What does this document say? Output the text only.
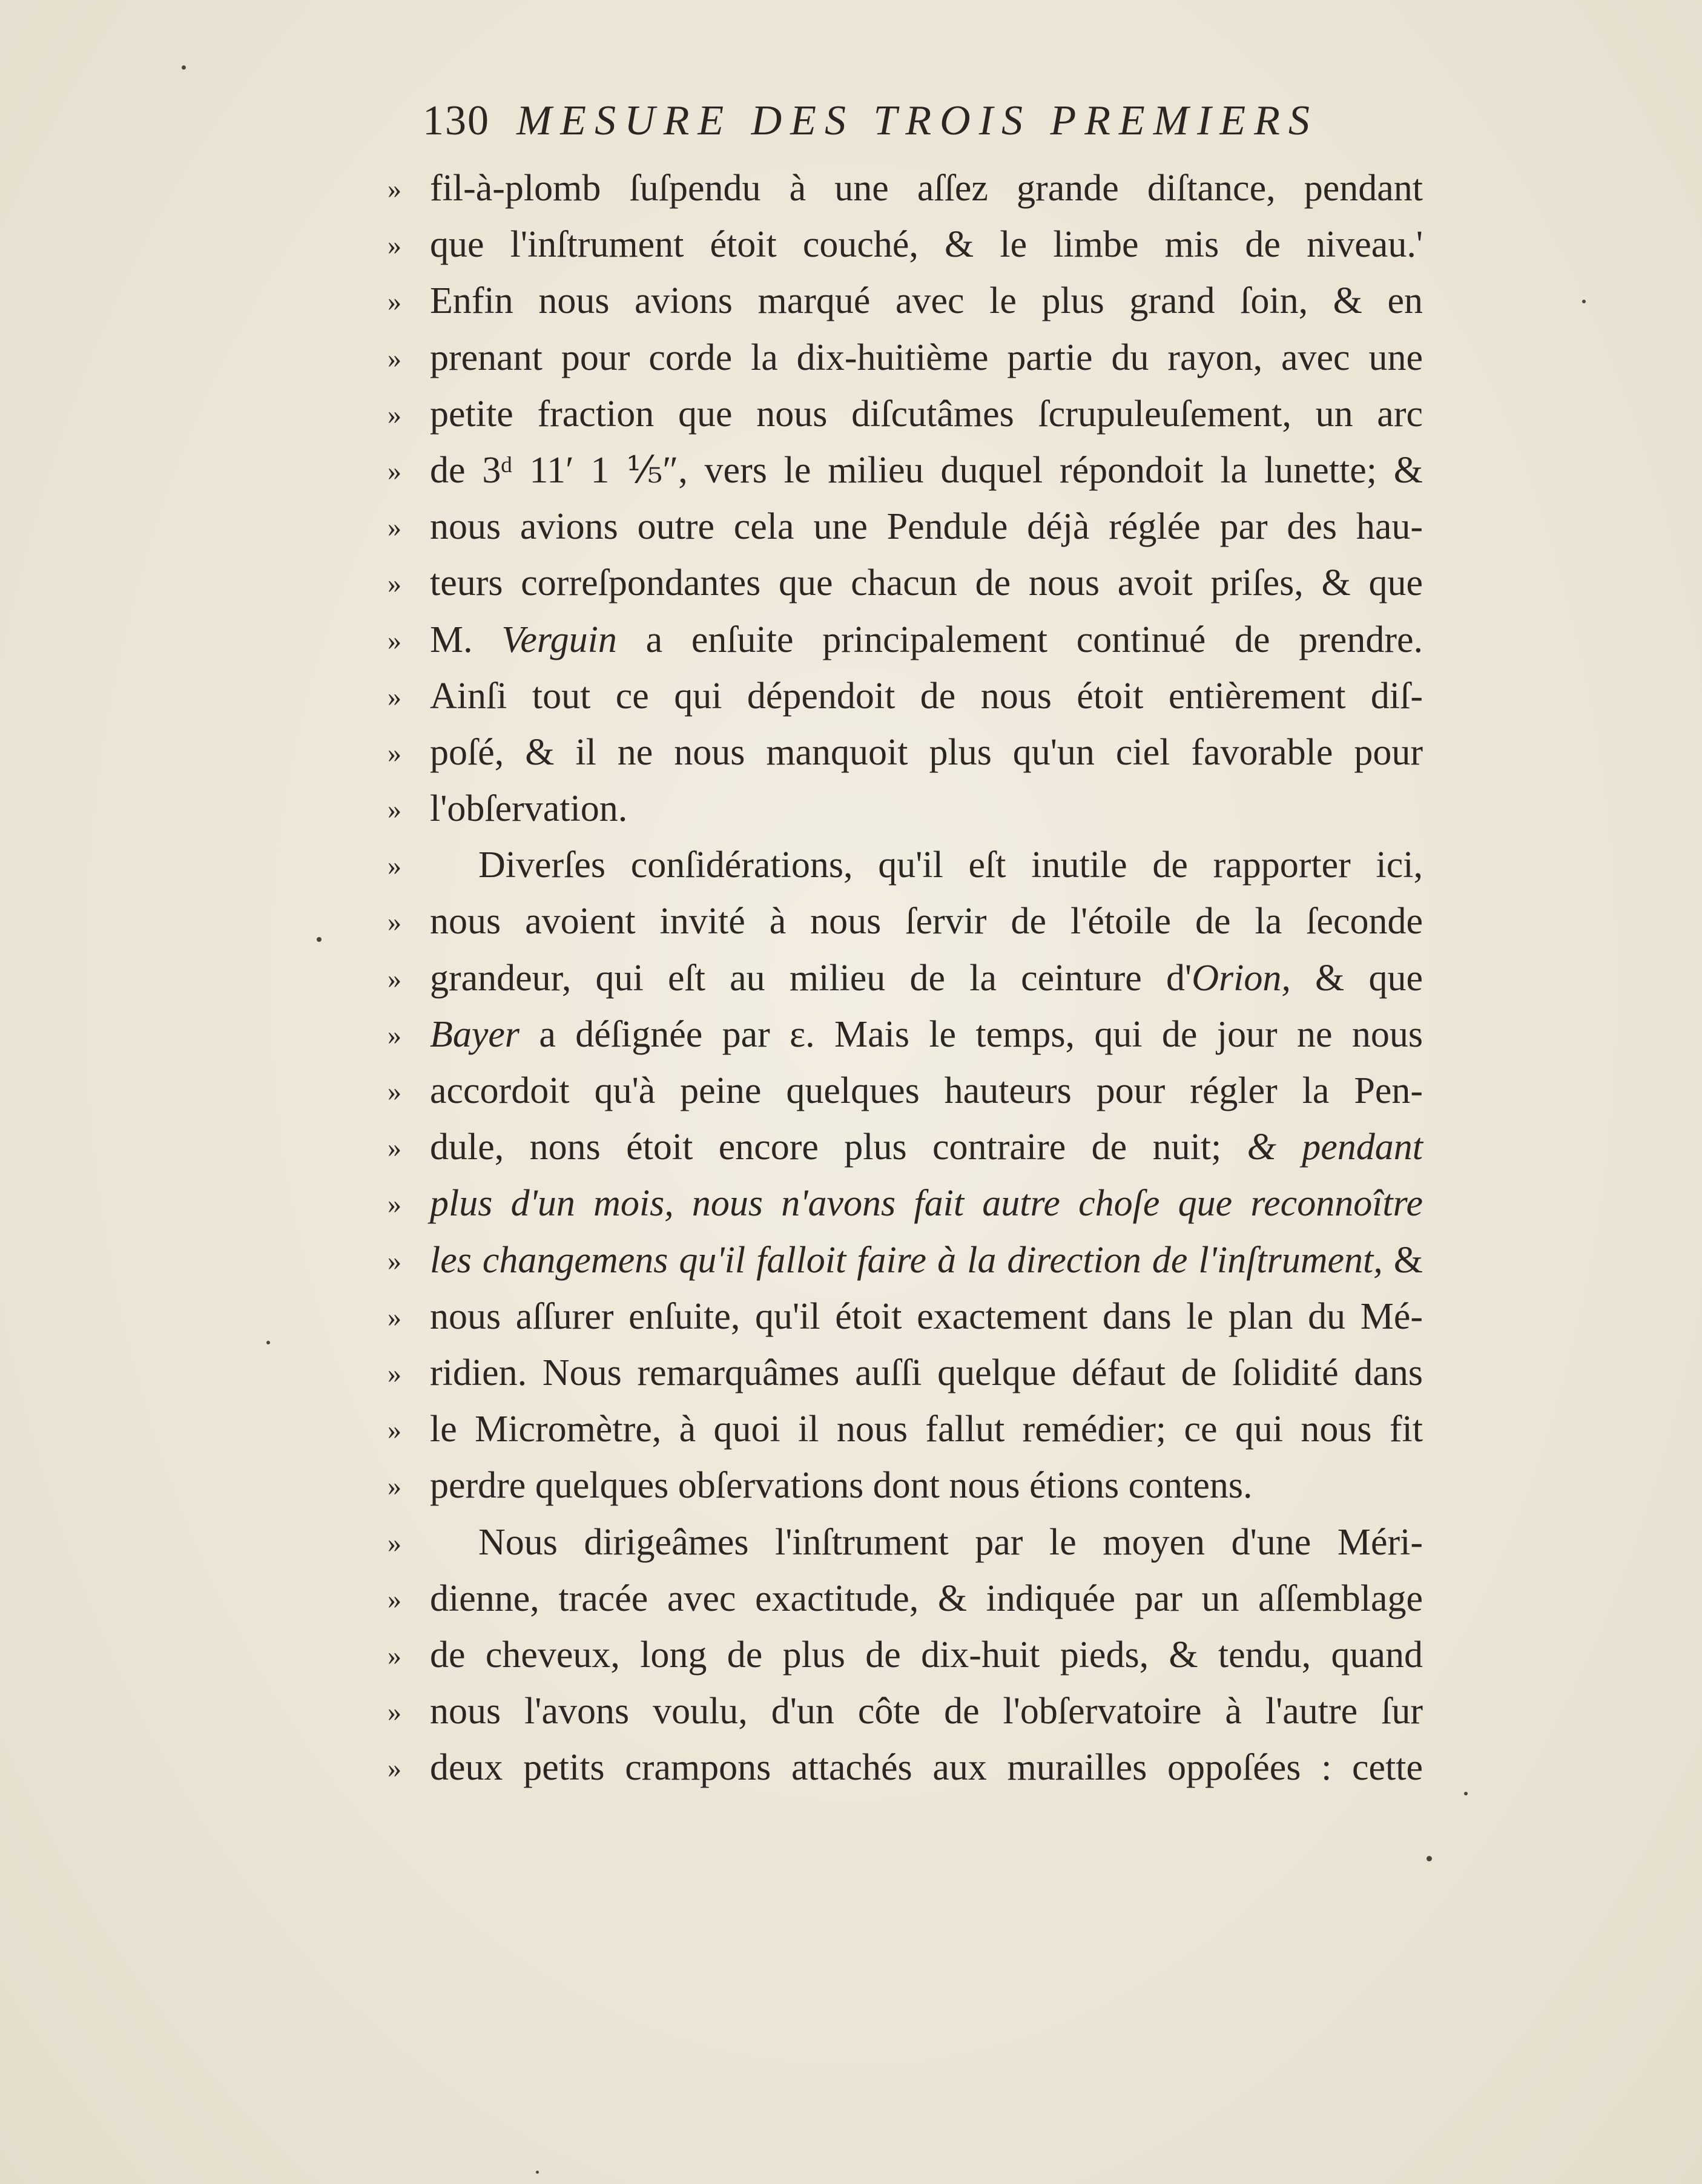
130 MESURE DES TROIS PREMIERS
» fil-à-plomb ſuſpendu à une aſſez grande diſtance, pendant
» que l'inſtrument étoit couché, & le limbe mis de niveau.'
» Enfin nous avions marqué avec le plus grand ſoin, & en
» prenant pour corde la dix-huitième partie du rayon, avec une
» petite fraction que nous diſcutâmes ſcrupuleuſement, un arc
» de 3ᵈ 11′ 1 ⅕″, vers le milieu duquel répondoit la lunette; &
» nous avions outre cela une Pendule déjà réglée par des hau-
» teurs correſpondantes que chacun de nous avoit priſes, & que
» M. Verguin a enſuite principalement continué de prendre.
» Ainſi tout ce qui dépendoit de nous étoit entièrement diſ-
» poſé, & il ne nous manquoit plus qu'un ciel favorable pour
» l'obſervation.
»	Diverſes conſidérations, qu'il eſt inutile de rapporter ici,
» nous avoient invité à nous ſervir de l'étoile de la ſeconde
» grandeur, qui eſt au milieu de la ceinture d'Orion, & que
» Bayer a déſignée par ε. Mais le temps, qui de jour ne nous
» accordoit qu'à peine quelques hauteurs pour régler la Pen-
» dule, nons étoit encore plus contraire de nuit; & pendant
» plus d'un mois, nous n'avons fait autre choſe que reconnoître
» les changemens qu'il falloit faire à la direction de l'inſtrument, &
» nous aſſurer enſuite, qu'il étoit exactement dans le plan du Mé-
» ridien. Nous remarquâmes auſſi quelque défaut de ſolidité dans
» le Micromètre, à quoi il nous fallut remédier; ce qui nous fit
» perdre quelques obſervations dont nous étions contens.
»	Nous dirigeâmes l'inſtrument par le moyen d'une Méri-
» dienne, tracée avec exactitude, & indiquée par un aſſemblage
» de cheveux, long de plus de dix-huit pieds, & tendu, quand
» nous l'avons voulu, d'un côte de l'obſervatoire à l'autre ſur
» deux petits crampons attachés aux murailles oppoſées : cette
